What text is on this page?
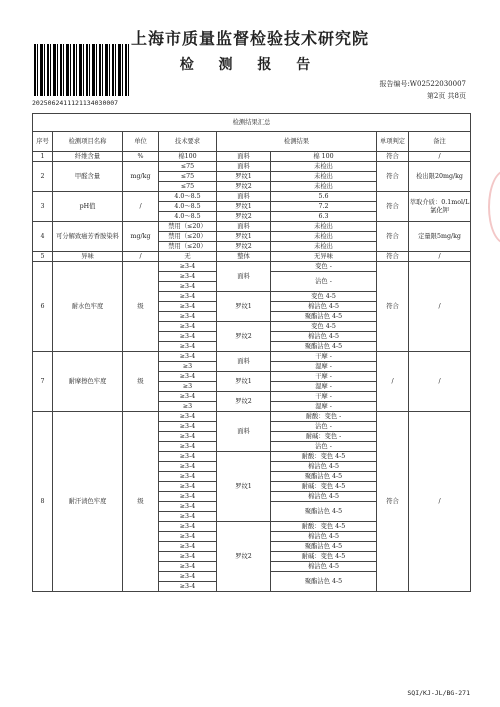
上海市质量监督检验技术研究院
检 测 报 告
2025062411121134030007
报告编号:W02522030007
第2页 共8页
检测结果汇总							
序号	检测项目名称	单位	技术要求	检测结果		单项判定	备注
1	纤维含量	%	棉100	面料	棉 100	符合	/
2	甲醛含量	mg/kg	≤75	面料	未检出	符合	检出限20mg/kg
			≤75	罗纹1	未检出		
			≤75	罗纹2	未检出		
3	pH值	/	4.0～8.5	面料	5.6	符合	萃取介质：0.1mol/L氯化钾
			4.0～8.5	罗纹1	7.2		
			4.0～8.5	罗纹2	6.3		
4	可分解致癌芳香胺染料	mg/kg	禁用（≤20）	面料	未检出	符合	定量限5mg/kg
			禁用（≤20）	罗纹1	未检出		
			禁用（≤20）	罗纹2	未检出		
5	异味	/	无	整体	无异味	符合	/
6	耐水色牢度	级	≥3-4	面料	变色 -	符合	/
			≥3-4		沾色 -		
			≥3-4				
			≥3-4	罗纹1	变色 4-5		
			≥3-4		棉沾色 4-5		
			≥3-4		聚酯沾色 4-5		
			≥3-4	罗纹2	变色 4-5		
			≥3-4		棉沾色 4-5		
			≥3-4		聚酯沾色 4-5		
7	耐摩擦色牢度	级	≥3-4	面料	干摩 -	/	/
			≥3		湿摩 -		
			≥3-4	罗纹1	干摩 -		
			≥3		湿摩 -		
			≥3-4	罗纹2	干摩 -		
			≥3		湿摩 -		
8	耐汗渍色牢度	级	≥3-4	面料	耐酸：变色 -	符合	/
			≥3-4		沾色 -		
			≥3-4		耐碱：变色 -		
			≥3-4		沾色 -		
			≥3-4	罗纹1	耐酸：变色 4-5		
			≥3-4		棉沾色 4-5		
			≥3-4		聚酯沾色 4-5		
			≥3-4		耐碱：变色 4-5		
			≥3-4		棉沾色 4-5		
			≥3-4		聚酯沾色 4-5		
			≥3-4				
			≥3-4	罗纹2	耐酸：变色 4-5		
			≥3-4		棉沾色 4-5		
			≥3-4		聚酯沾色 4-5		
			≥3-4		耐碱：变色 4-5		
			≥3-4		棉沾色 4-5		
			≥3-4		聚酯沾色 4-5		
			≥3-4				
SQI/KJ-JL/BG-271
